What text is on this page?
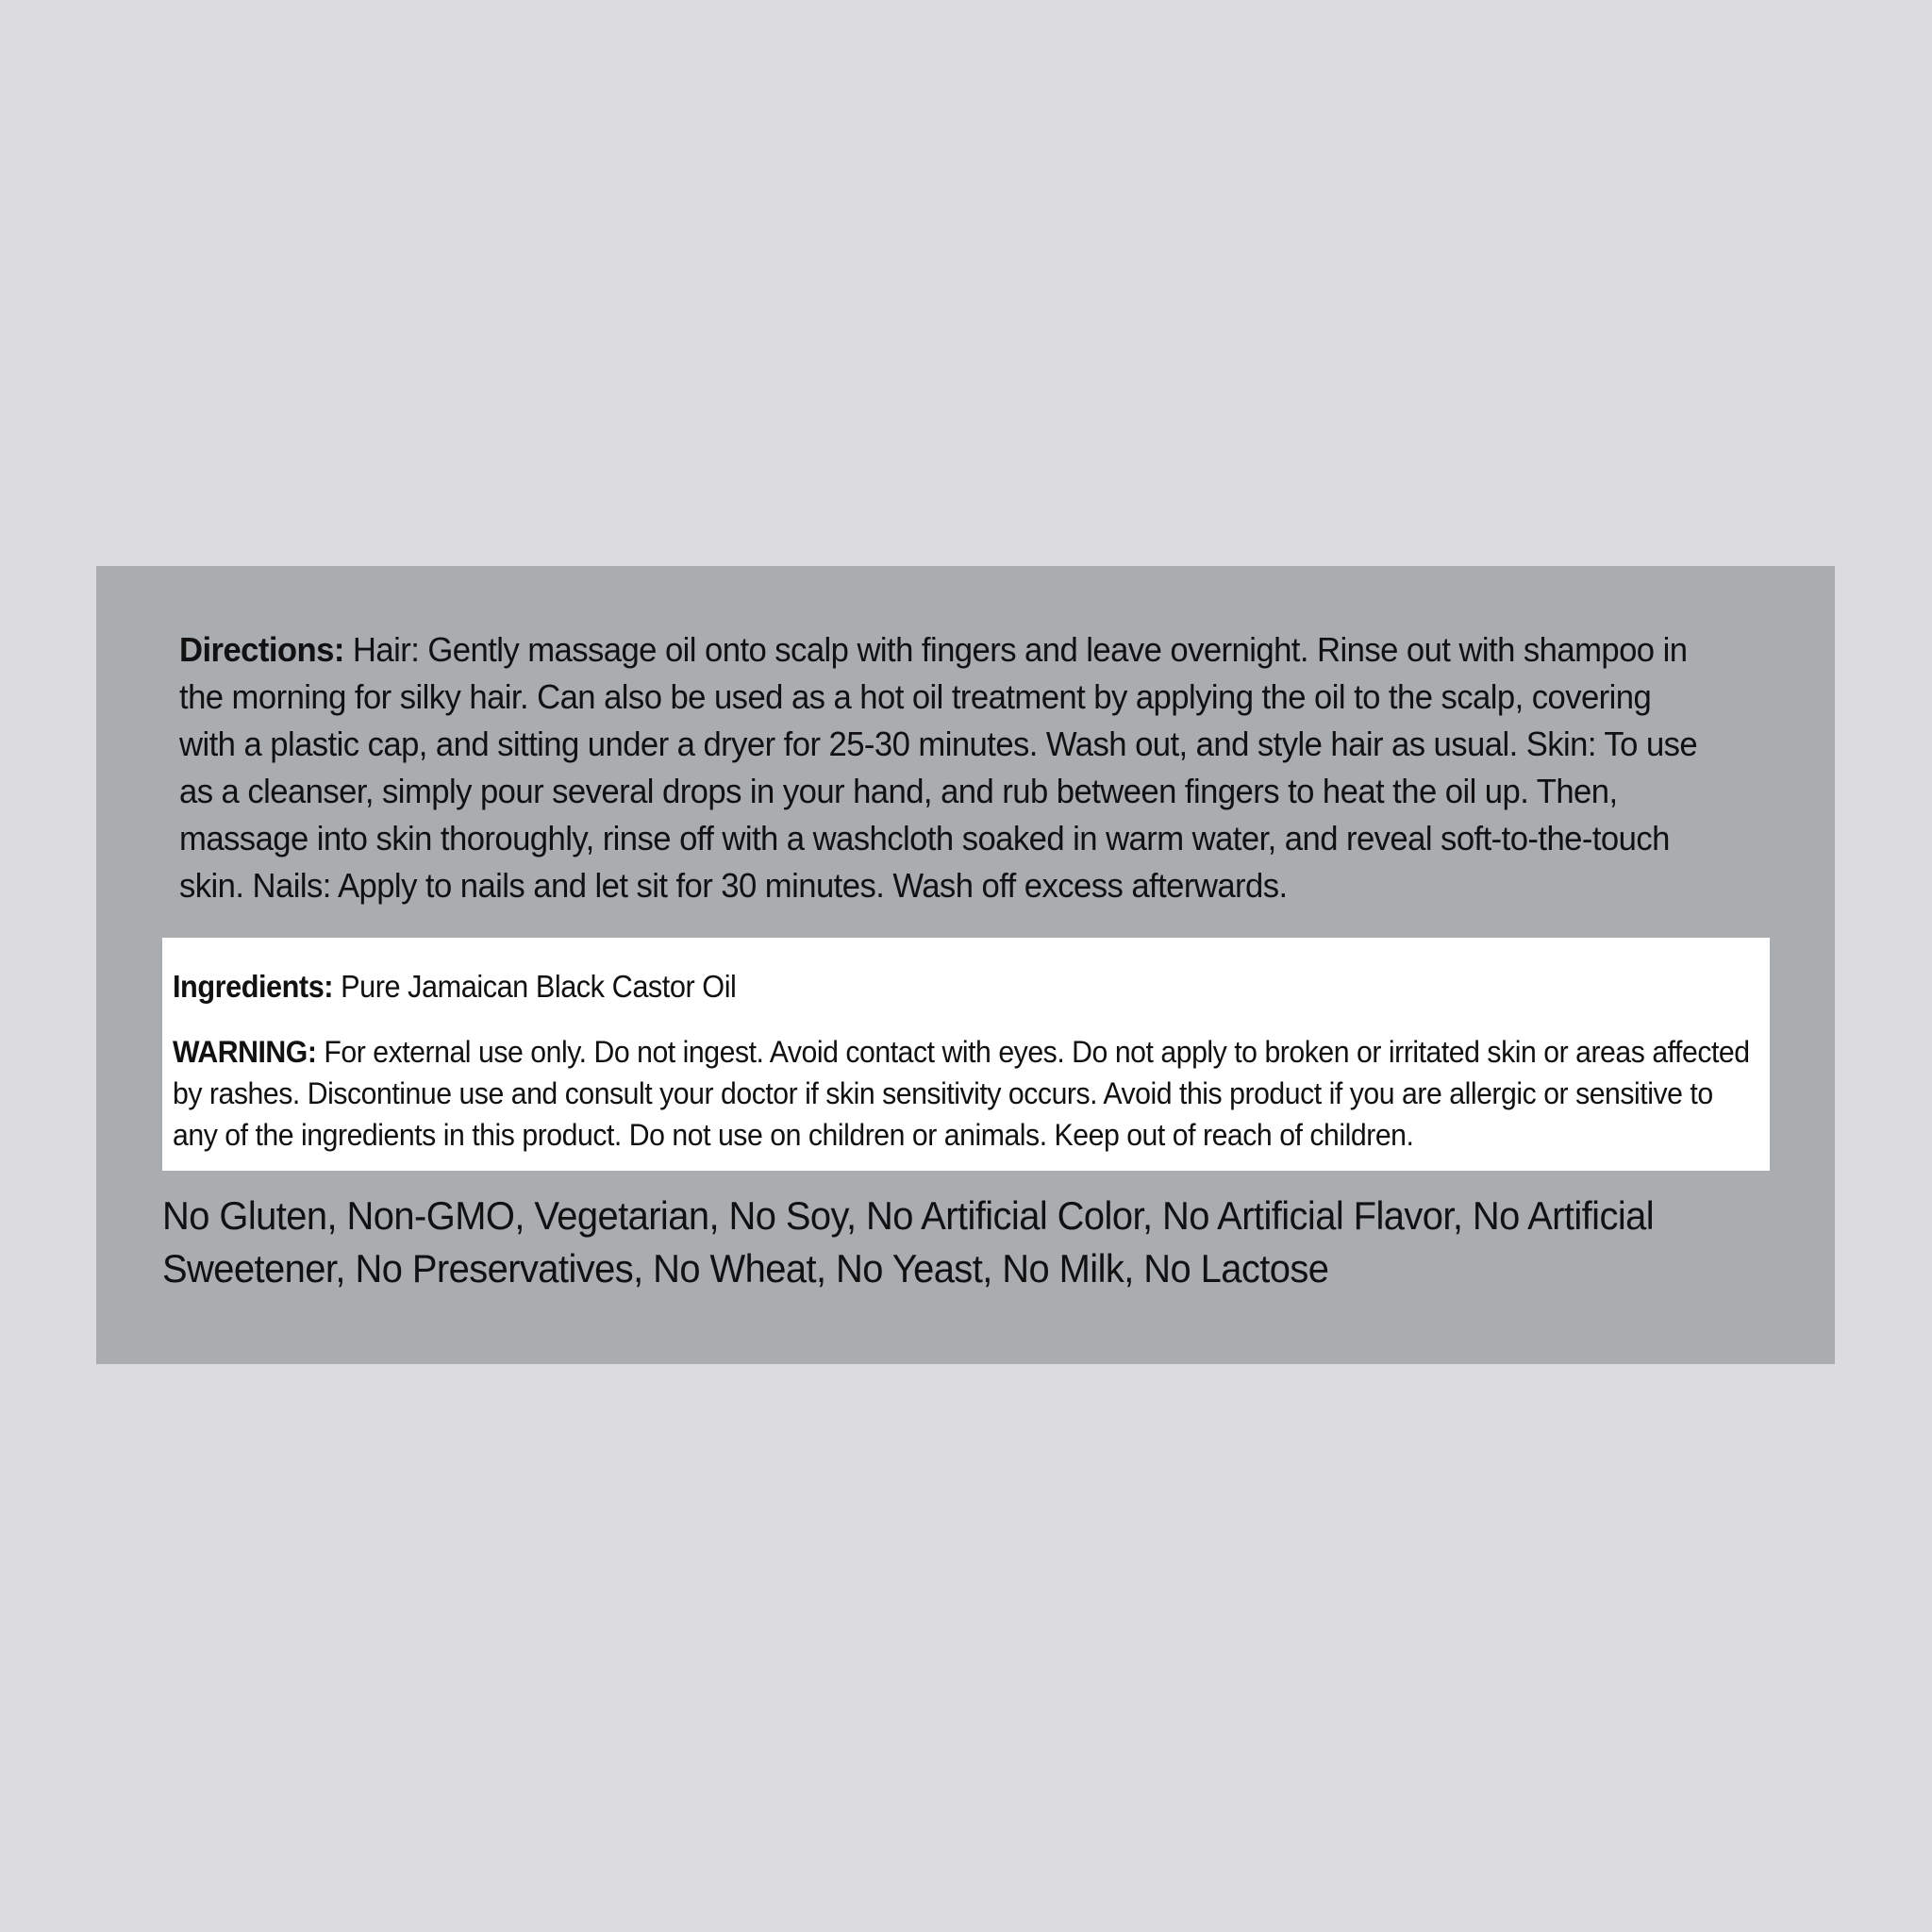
Directions: Hair: Gently massage oil onto scalp with fingers and leave overnight. Rinse out with shampoo in the morning for silky hair. Can also be used as a hot oil treatment by applying the oil to the scalp, covering with a plastic cap, and sitting under a dryer for 25-30 minutes. Wash out, and style hair as usual. Skin: To use as a cleanser, simply pour several drops in your hand, and rub between fingers to heat the oil up. Then, massage into skin thoroughly, rinse off with a washcloth soaked in warm water, and reveal soft-to-the-touch skin. Nails: Apply to nails and let sit for 30 minutes. Wash off excess afterwards.
Ingredients: Pure Jamaican Black Castor Oil
WARNING: For external use only. Do not ingest. Avoid contact with eyes. Do not apply to broken or irritated skin or areas affected by rashes. Discontinue use and consult your doctor if skin sensitivity occurs. Avoid this product if you are allergic or sensitive to any of the ingredients in this product. Do not use on children or animals. Keep out of reach of children.
No Gluten, Non-GMO, Vegetarian, No Soy, No Artificial Color, No Artificial Flavor, No Artificial Sweetener, No Preservatives, No Wheat, No Yeast, No Milk, No Lactose
